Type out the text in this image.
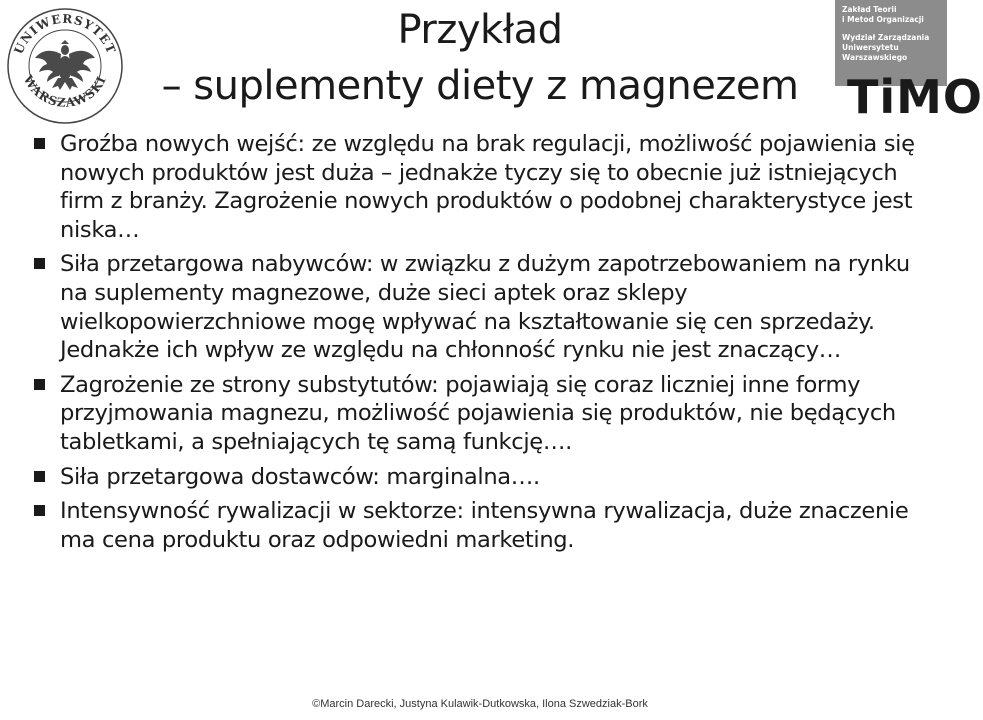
UNIWERSYTET
WARSZAWSKI
Zakład Teorii
i Metod Organizacji
Wydział Zarządzania
Uniwersytetu
Warszawskiego
TiMO
Przykład
– suplementy diety z magnezem
Groźba nowych wejść: ze względu na brak regulacji, możliwość pojawienia się nowych produktów jest duża – jednakże tyczy się to obecnie już istniejących firm z branży. Zagrożenie nowych produktów o podobnej charakterystyce jest niska…
Siła przetargowa nabywców: w związku z dużym zapotrzebowaniem na rynku na suplementy magnezowe, duże sieci aptek oraz sklepy wielkopowierzchniowe mogę wpływać na kształtowanie się cen sprzedaży. Jednakże ich wpływ ze względu na chłonność rynku nie jest znaczący…
Zagrożenie ze strony substytutów: pojawiają się coraz liczniej inne formy przyjmowania magnezu, możliwość pojawienia się produktów, nie będących tabletkami, a spełniających tę samą funkcję….
Siła przetargowa dostawców: marginalna….
Intensywność rywalizacji w sektorze: intensywna rywalizacja, duże znaczenie ma cena produktu oraz odpowiedni marketing.
©Marcin Darecki, Justyna Kulawik-Dutkowska, Ilona Szwedziak-Bork
